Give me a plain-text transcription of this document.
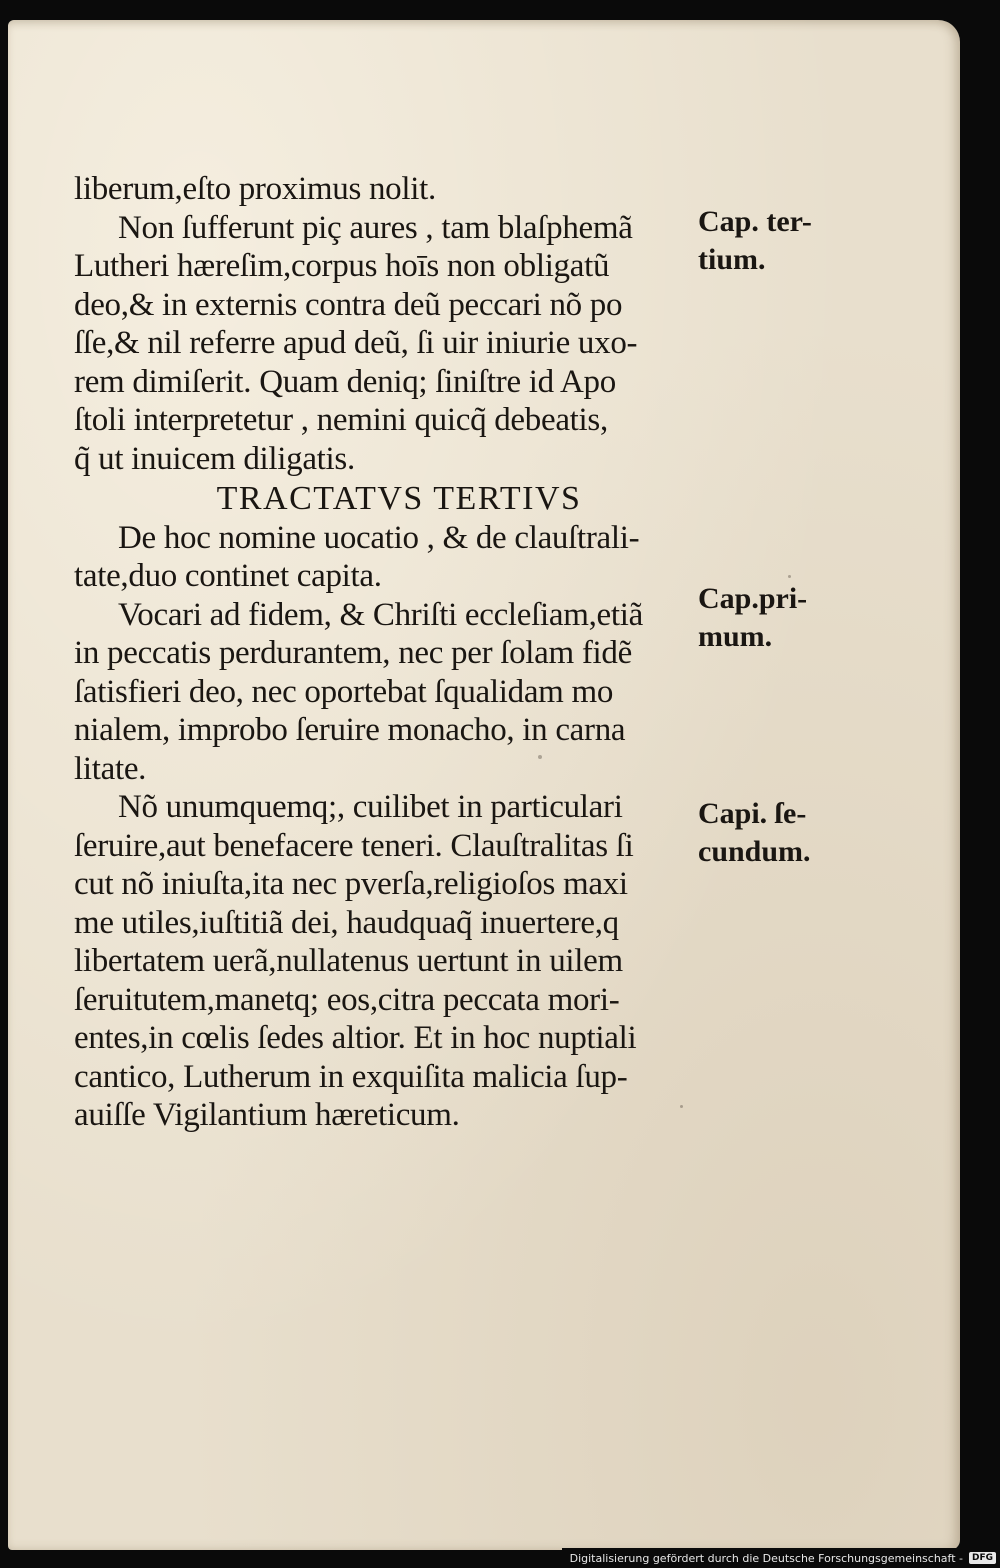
liberum,eſto proximus nolit.
Non ſufferunt piç aures , tam blaſphemã
Lutheri hæreſim,corpus hoīs non obligatũ
deo,& in externis contra deũ peccari nõ po
ſſe,& nil referre apud deũ, ſi uir iniurie uxo-
rem dimiſerit. Quam deniq; ſiniſtre id Apo
ſtoli interpretetur , nemini quicq̃ debeatis,
q̃ ut inuicem diligatis.
TRACTATVS TERTIVS
De hoc nomine uocatio , & de clauſtrali-
tate,duo continet capita.
Vocari ad fidem, & Chriſti eccleſiam,etiã
in peccatis perdurantem, nec per ſolam fidẽ
ſatisfieri deo, nec oportebat ſqualidam mo
nialem, improbo ſeruire monacho, in carna
litate.
Nõ unumquemq;, cuilibet in particulari
ſeruire,aut benefacere teneri. Clauſtralitas ſi
cut nõ iniuſta,ita nec pverſa,religioſos maxi
me utiles,iuſtitiã dei, haudquaq̃ inuertere,q
libertatem uerã,nullatenus uertunt in uilem
ſeruitutem,manetq; eos,citra peccata mori-
entes,in cœlis ſedes altior. Et in hoc nuptiali
cantico, Lutherum in exquiſita malicia ſup-
auiſſe Vigilantium hæreticum.
Cap. ter-
tium.
Cap.pri-
mum.
Capi. ſe-
cundum.
Digitalisierung gefördert durch die Deutsche Forschungsgemeinschaft -	DFG
